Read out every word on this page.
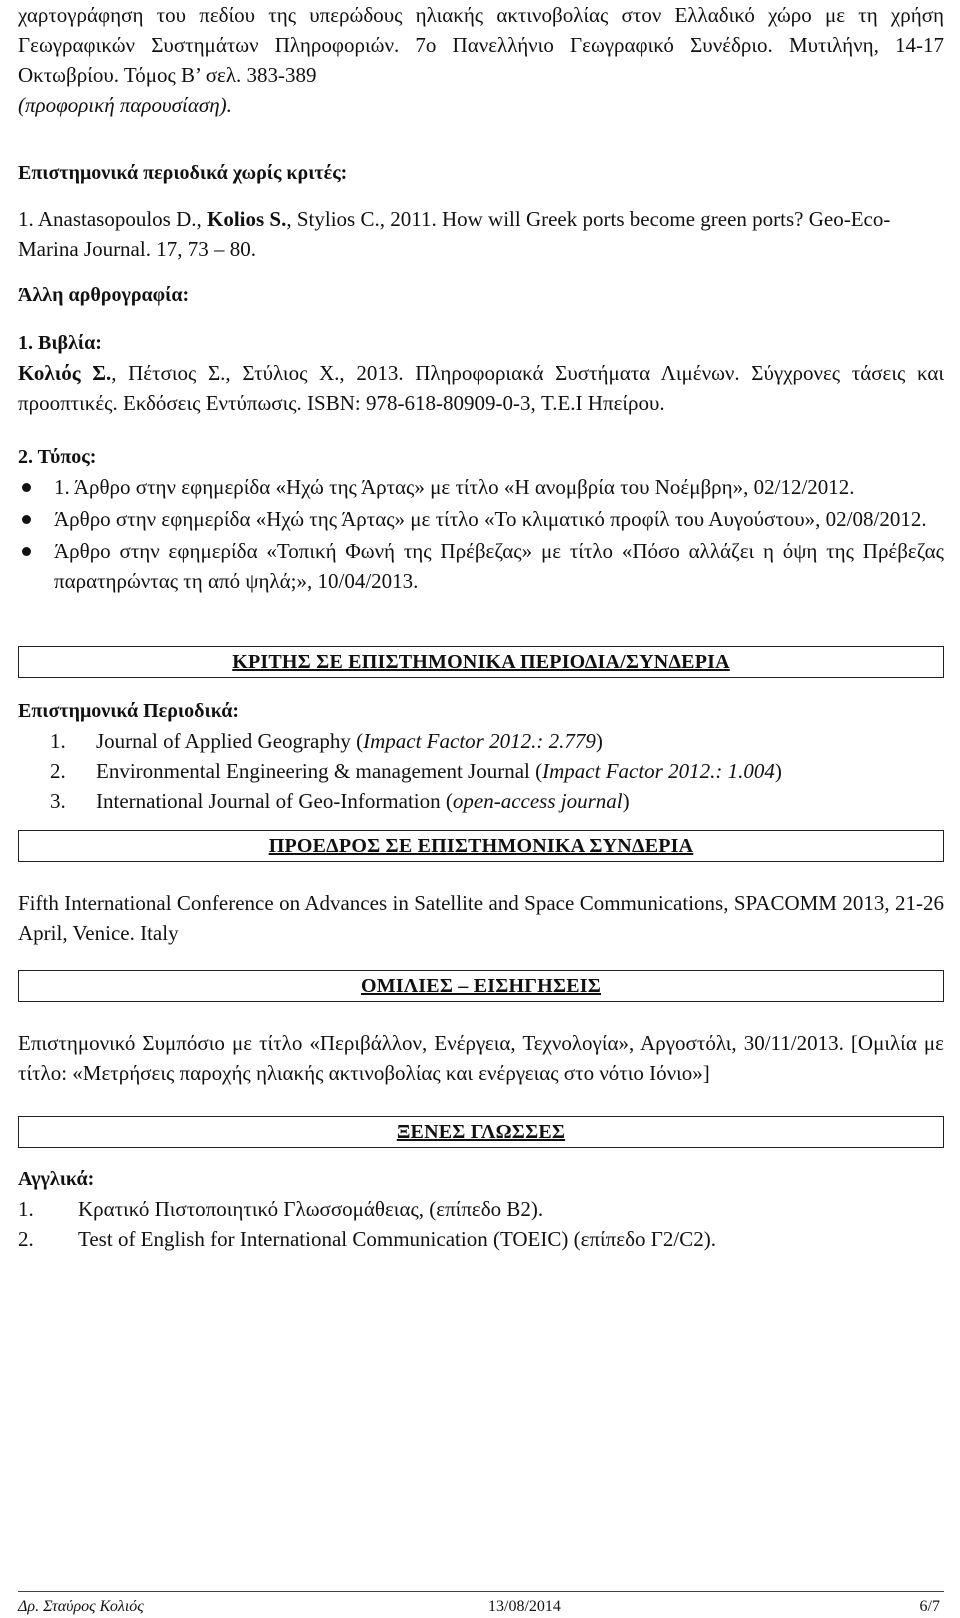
χαρτογράφηση του πεδίου της υπερώδους ηλιακής ακτινοβολίας στον Ελλαδικό χώρο με τη χρήση Γεωγραφικών Συστημάτων Πληροφοριών. 7ο Πανελλήνιο Γεωγραφικό Συνέδριο. Μυτιλήνη, 14-17 Οκτωβρίου. Τόμος Β’ σελ. 383-389
(προφορική παρουσίαση).

Επιστημονικά περιοδικά χωρίς κριτές:

1. Anastasopoulos D., Kolios S., Stylios C., 2011. How will Greek ports become green ports? Geo-Eco-Marina Journal. 17, 73 – 80.

Άλλη αρθρογραφία:

1. Βιβλία:

Κολιός Σ., Πέτσιος Σ., Στύλιος Χ., 2013. Πληροφοριακά Συστήματα Λιμένων. Σύγχρονες τάσεις και προοπτικές. Εκδόσεις Εντύπωσις. ISBN: 978-618-80909-0-3, Τ.Ε.Ι Ηπείρου.

2. Τύπος:

1. Άρθρο στην εφημερίδα «Ηχώ της Άρτας» με τίτλο «Η ανομβρία του Νοέμβρη», 02/12/2012.
Άρθρο στην εφημερίδα «Ηχώ της Άρτας» με τίτλο «Το κλιματικό προφίλ του Αυγούστου», 02/08/2012.
Άρθρο στην εφημερίδα «Τοπική Φωνή της Πρέβεζας» με τίτλο «Πόσο αλλάζει η όψη της Πρέβεζας παρατηρώντας τη από ψηλά;», 10/04/2013.
ΚΡΙΤΗΣ ΣΕ ΕΠΙΣΤΗΜΟΝΙΚΑ ΠΕΡΙΟΔΙΑ/ΣΥΝΔΕΡΙΑ

Επιστημονικά Περιοδικά:

1. Journal of Applied Geography (Impact Factor 2012.: 2.779)
2. Environmental Engineering & management Journal (Impact Factor 2012.: 1.004)
3. International Journal of Geo-Information (open-access journal)
ΠΡΟΕΔΡΟΣ ΣΕ ΕΠΙΣΤΗΜΟΝΙΚΑ ΣΥΝΔΕΡΙΑ

Fifth International Conference on Advances in Satellite and Space Communications, SPACOMM 2013, 21-26 April, Venice. Italy

ΟΜΙΛΙΕΣ – ΕΙΣΗΓΗΣΕΙΣ

Επιστημονικό Συμπόσιο με τίτλο «Περιβάλλον, Ενέργεια, Τεχνολογία», Αργοστόλι, 30/11/2013. [Ομιλία με τίτλο: «Μετρήσεις παροχής ηλιακής ακτινοβολίας και ενέργειας στο νότιο Ιόνιο»]

ΞΕΝΕΣ ΓΛΩΣΣΕΣ

Αγγλικά:

1. Κρατικό Πιστοποιητικό Γλωσσομάθειας, (επίπεδο Β2).
2. Test of English for International Communication (TOEIC) (επίπεδο Γ2/C2).
Δρ. Σταύρος Κολιός	13/08/2014	6/7
